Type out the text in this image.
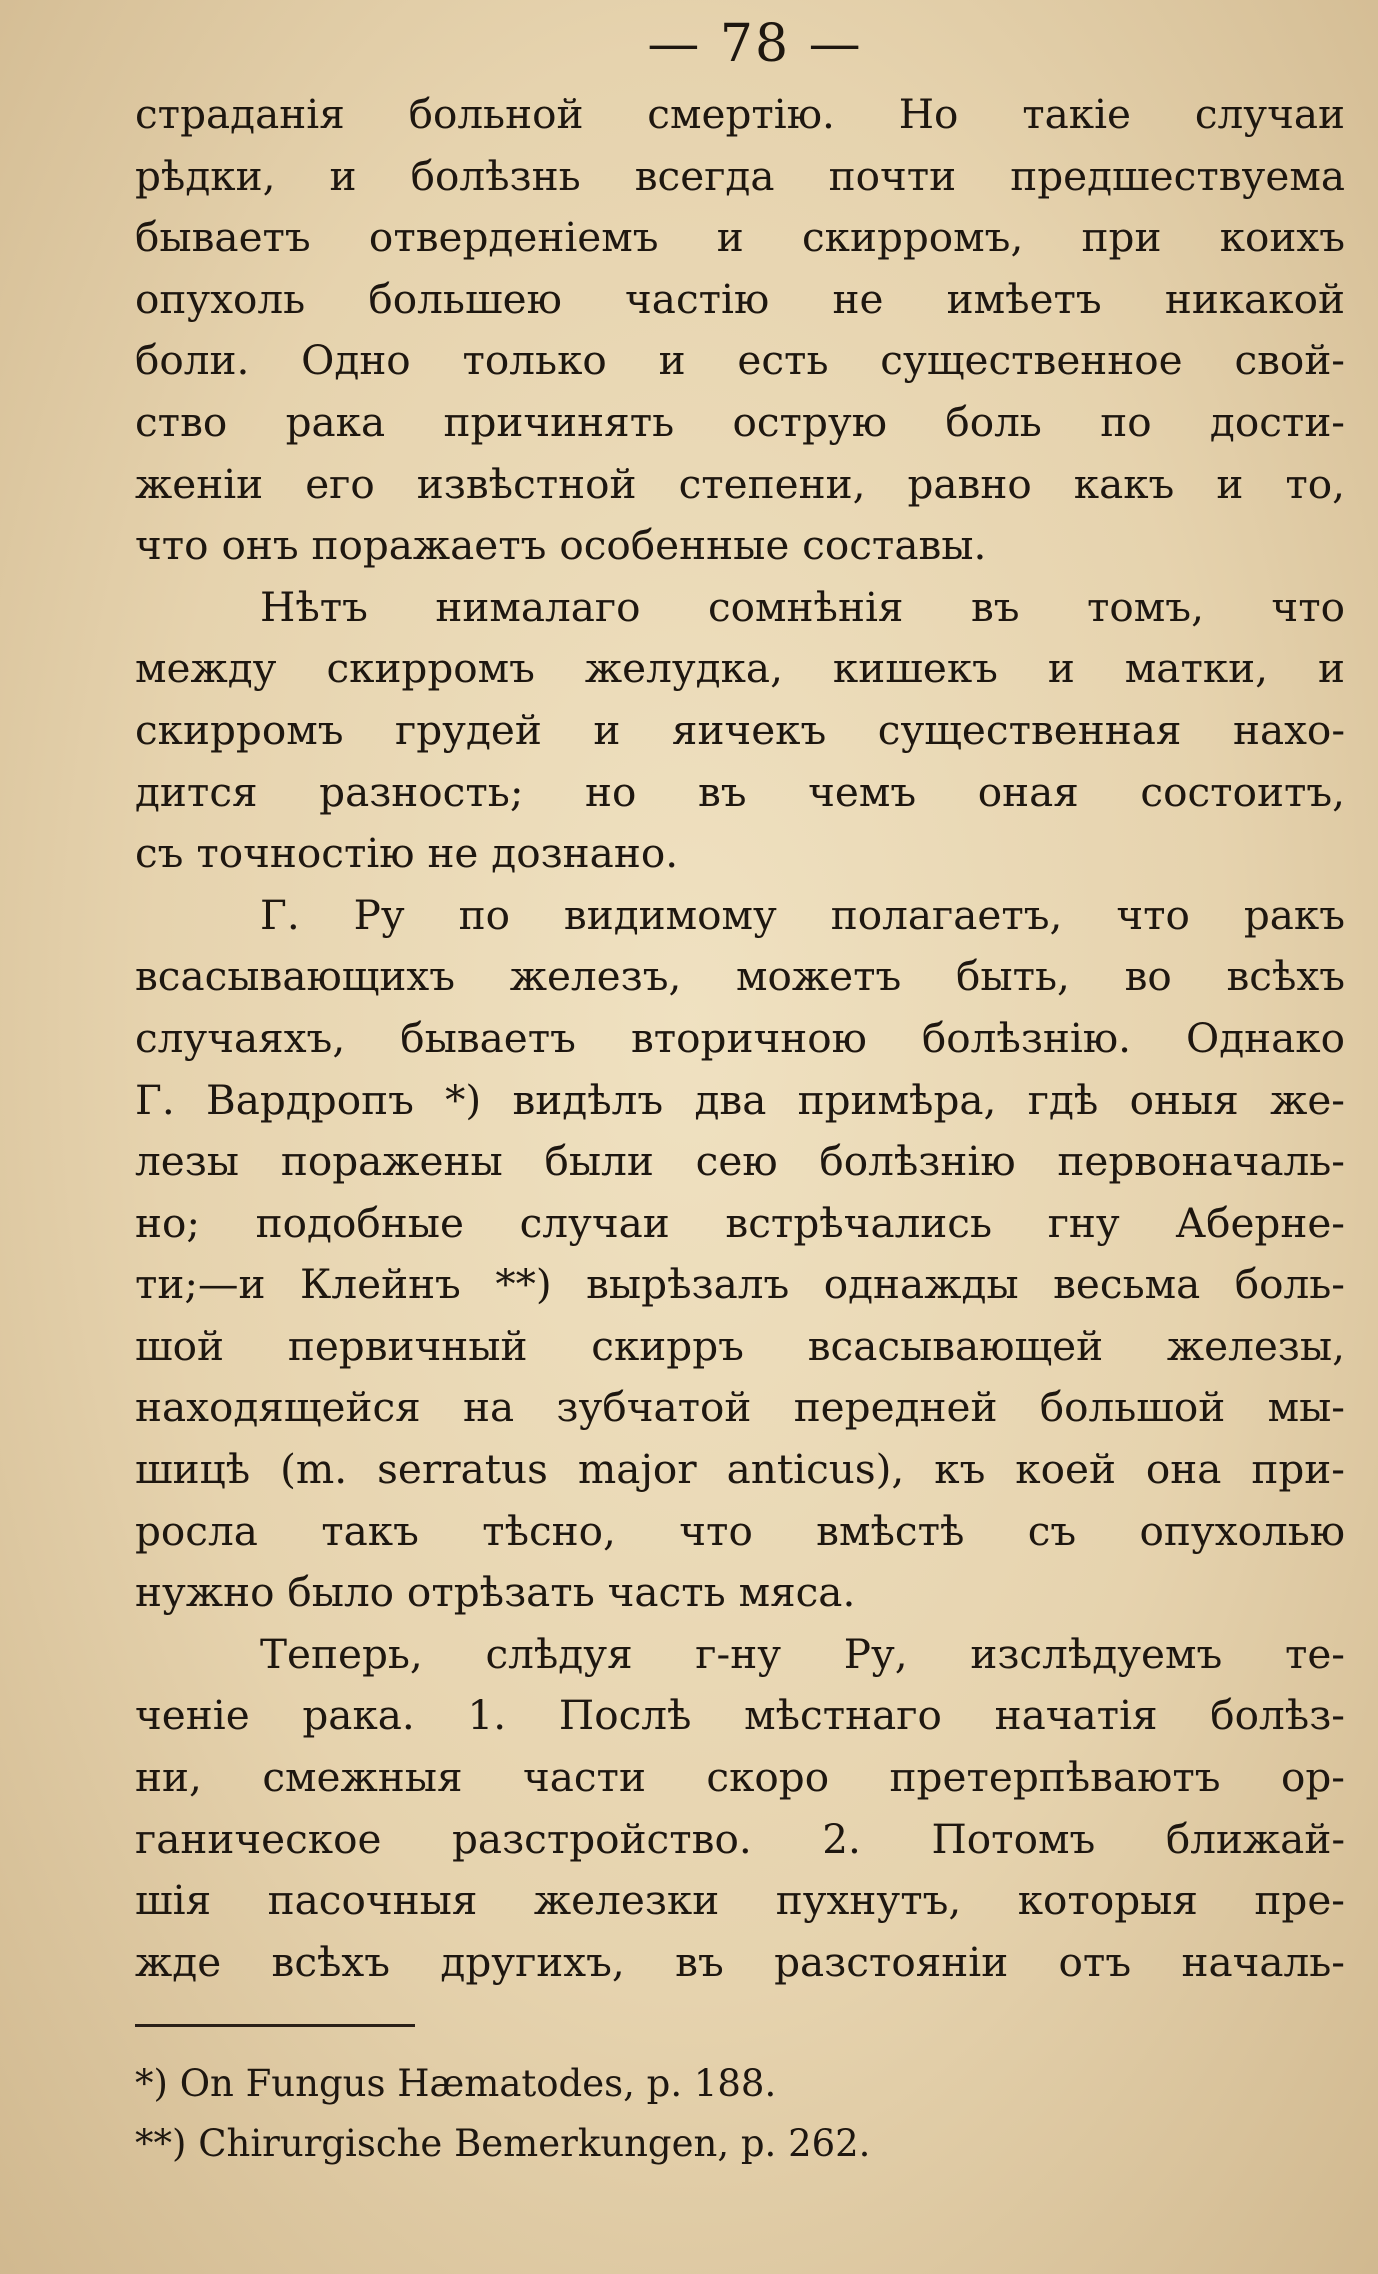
— 78 —
страданія больной смертію. Но такіе случаи
рѣдки, и болѣзнь всегда почти предшествуема
бываетъ отверденіемъ и скирромъ, при коихъ
опухоль большею частію не имѣетъ никакой
боли. Одно только и есть существенное свой-
ство рака причинять острую боль по дости-
женіи его извѣстной степени, равно какъ и то,
что онъ поражаетъ особенные составы.
Нѣтъ нималаго сомнѣнія въ томъ, что
между скирромъ желудка, кишекъ и матки, и
скирромъ грудей и яичекъ существенная нахо-
дится разность; но въ чемъ оная состоитъ,
съ точностію не дознано.
Г. Ру по видимому полагаетъ, что ракъ
всасывающихъ железъ, можетъ быть, во всѣхъ
случаяхъ, бываетъ вторичною болѣзнію. Однако
Г. Вардропъ *) видѣлъ два примѣра, гдѣ оныя же-
лезы поражены были сею болѣзнію первоначаль-
но; подобные случаи встрѣчались гну Аберне-
ти;—и Клейнъ **) вырѣзалъ однажды весьма боль-
шой первичный скирръ всасывающей железы,
находящейся на зубчатой передней большой мы-
шицѣ (m. serratus major anticus), къ коей она при-
росла такъ тѣсно, что вмѣстѣ съ опухолью
нужно было отрѣзать часть мяса.
Теперь, слѣдуя г-ну Ру, изслѣдуемъ те-
ченіе рака. 1. Послѣ мѣстнаго начатія болѣз-
ни, смежныя части скоро претерпѣваютъ ор-
ганическое разстройство. 2. Потомъ ближай-
шія пасочныя железки пухнутъ, которыя пре-
жде всѣхъ другихъ, въ разстояніи отъ началь-
*) On Fungus Hæmatodes, p. 188.
**) Chirurgische Bemerkungen, p. 262.
